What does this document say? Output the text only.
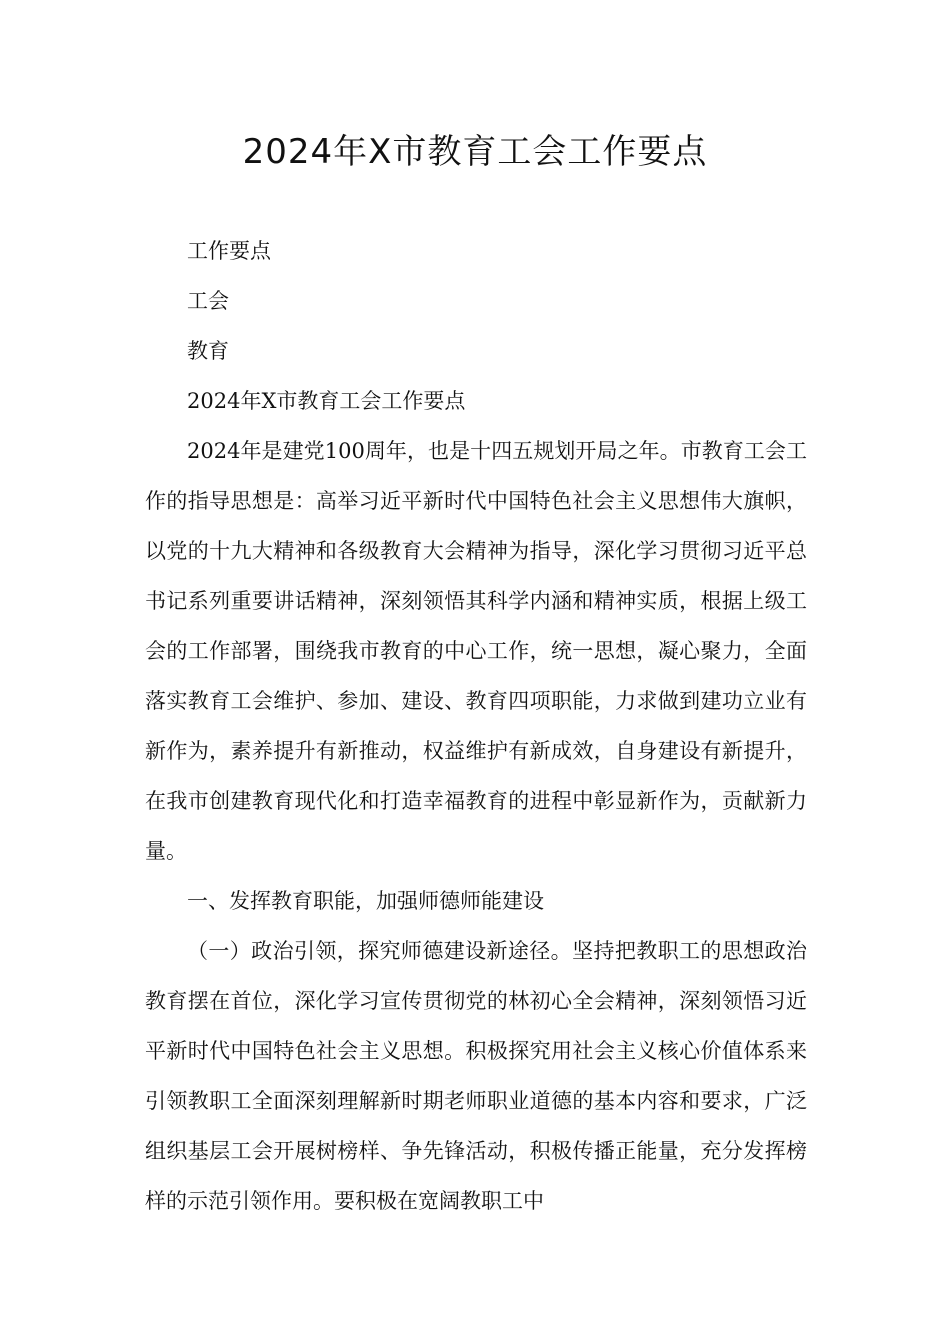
2024年X市教育工会工作要点

工作要点

工会

教育

2024年X市教育工会工作要点

2024年是建党100周年，也是十四五规划开局之年。市教育工会工作的指导思想是：高举习近平新时代中国特色社会主义思想伟大旗帜，以党的十九大精神和各级教育大会精神为指导，深化学习贯彻习近平总书记系列重要讲话精神，深刻领悟其科学内涵和精神实质，根据上级工会的工作部署，围绕我市教育的中心工作，统一思想，凝心聚力，全面落实教育工会维护、参加、建设、教育四项职能，力求做到建功立业有新作为，素养提升有新推动，权益维护有新成效，自身建设有新提升，在我市创建教育现代化和打造幸福教育的进程中彰显新作为，贡献新力量。

一、发挥教育职能，加强师德师能建设

（一）政治引领，探究师德建设新途径。坚持把教职工的思想政治教育摆在首位，深化学习宣传贯彻党的林初心全会精神，深刻领悟习近平新时代中国特色社会主义思想。积极探究用社会主义核心价值体系来引领教职工全面深刻理解新时期老师职业道德的基本内容和要求，广泛组织基层工会开展树榜样、争先锋活动，积极传播正能量，充分发挥榜样的示范引领作用。要积极在宽阔教职工中
